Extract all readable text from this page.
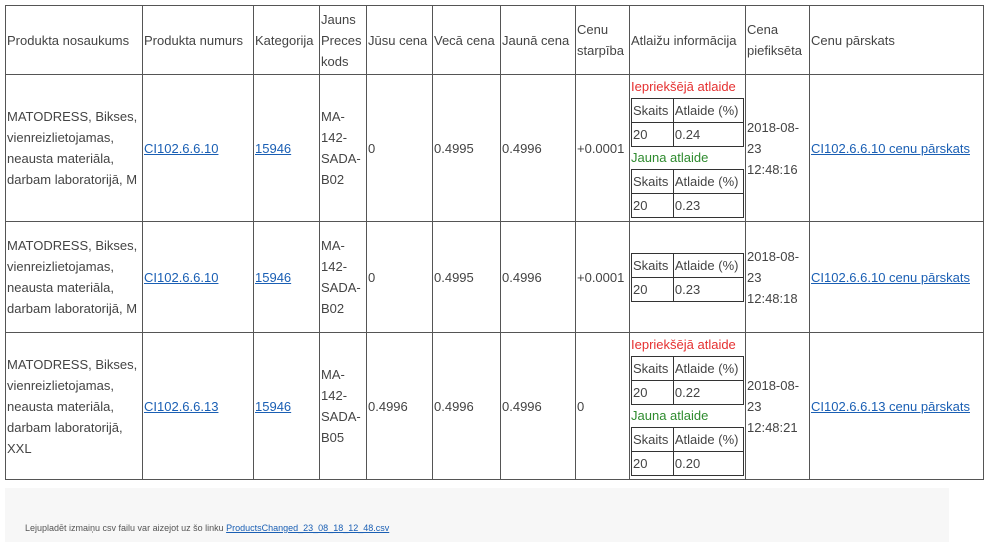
Produkta nosaukums	Produkta numurs	Kategorija	Jauns Preces kods	Jūsu cena	Vecā cena	Jaunā cena	Cenu starpība	Atlaižu informācija	Cena piefiksēta	Cenu pārskats
MATODRESS, Bikses, vienreizlietojamas, neausta materiāla, darbam laboratorijā, M	CI102.6.6.10	15946	MA-142-SADA-B02	0	0.4995	0.4996	+0.0001	
Iepriekšējā atlaide
Skaits	Atlaide (%)
20	0.24
Jauna atlaide
Skaits	Atlaide (%)
20	0.23
	2018-08-23 12:48:16	CI102.6.6.10 cenu pārskats
MATODRESS, Bikses, vienreizlietojamas, neausta materiāla, darbam laboratorijā, M	CI102.6.6.10	15946	MA-142-SADA-B02	0	0.4995	0.4996	+0.0001	
Skaits	Atlaide (%)
20	0.23
	2018-08-23 12:48:18	CI102.6.6.10 cenu pārskats
MATODRESS, Bikses, vienreizlietojamas, neausta materiāla, darbam laboratorijā, XXL	CI102.6.6.13	15946	MA-142-SADA-B05	0.4996	0.4996	0.4996	0	
Iepriekšējā atlaide
Skaits	Atlaide (%)
20	0.22
Jauna atlaide
Skaits	Atlaide (%)
20	0.20
	2018-08-23 12:48:21	CI102.6.6.13 cenu pārskats
Lejupladēt izmaiņu csv failu var aizejot uz šo linku ProductsChanged_23_08_18_12_48.csv
